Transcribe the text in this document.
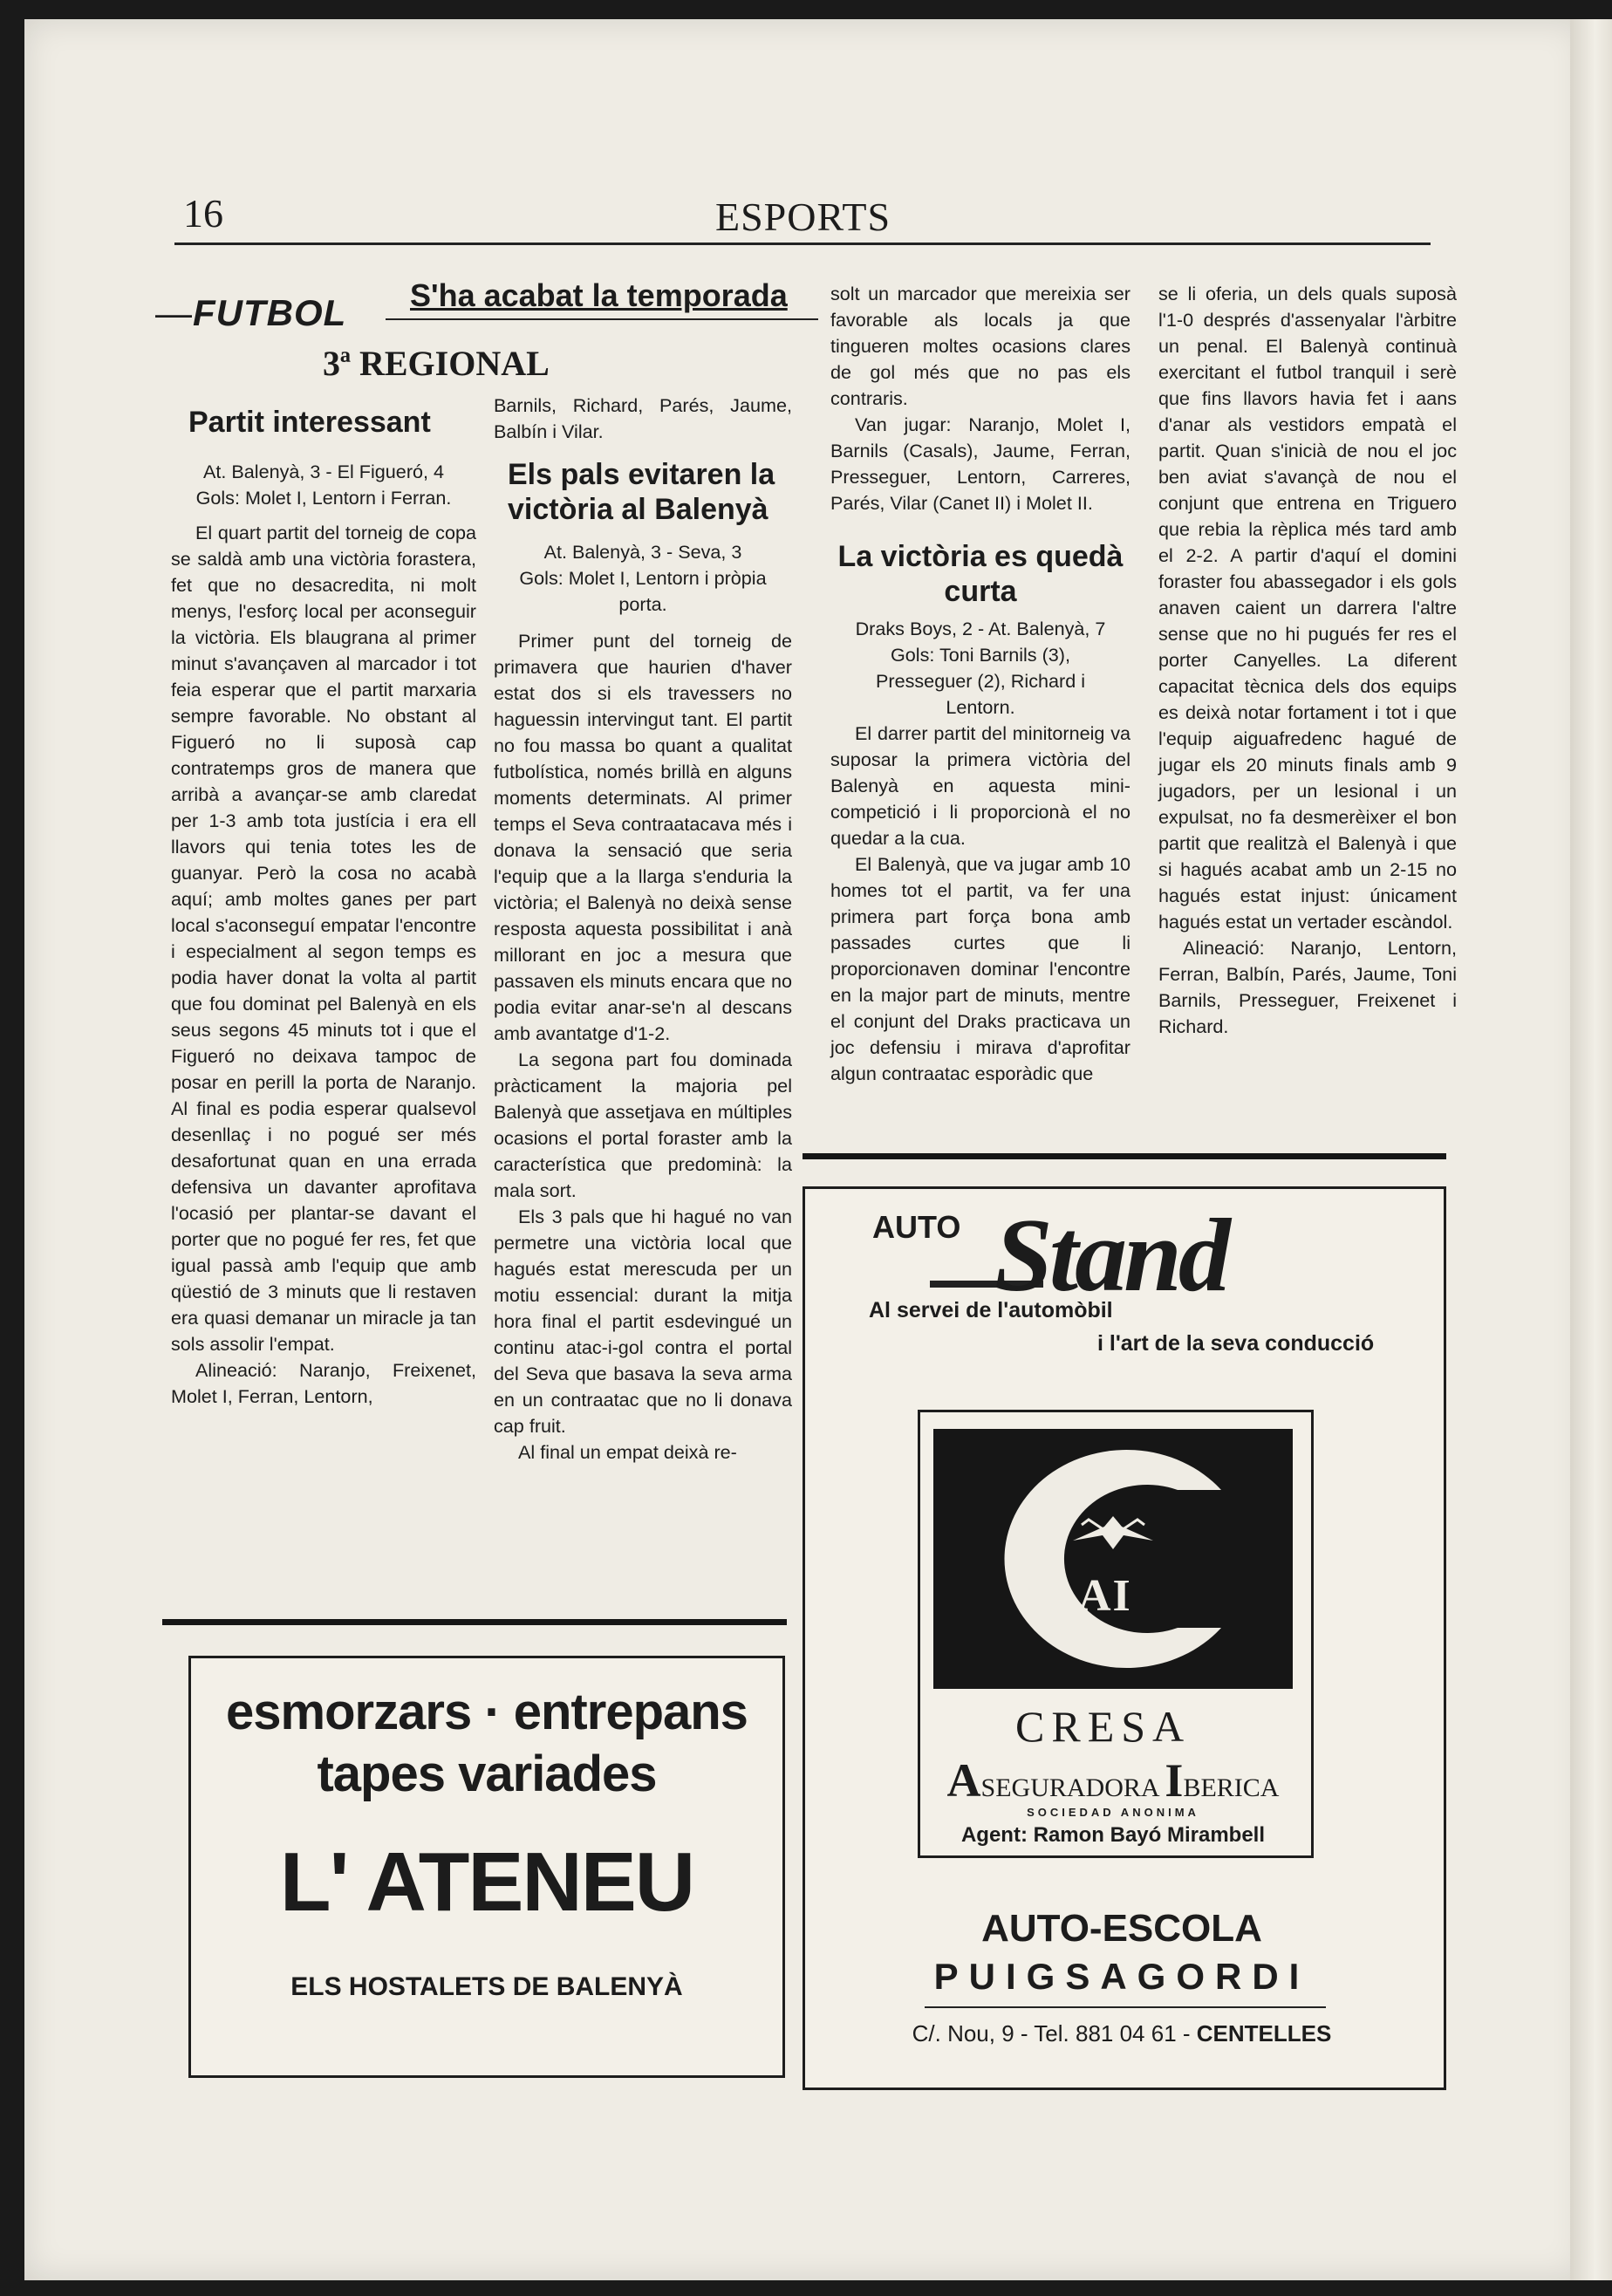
16	ESPORTS
—FUTBOL S'ha acabat la temporada
3ª REGIONAL
Partit interessant
At. Balenyà, 3 - El Figueró, 4
Gols: Molet I, Lentorn i Ferran.
El quart partit del torneig de copa se saldà amb una victòria forastera, fet que no desacredita, ni molt menys, l'esforç local per aconseguir la victòria. Els blaugrana al primer minut s'avançaven al marcador i tot feia esperar que el partit marxaria sempre favorable. No obstant al Figueró no li suposà cap contratemps gros de manera que arribà a avançar-se amb claredat per 1-3 amb tota justícia i era ell llavors qui tenia totes les de guanyar. Però la cosa no acabà aquí; amb moltes ganes per part local s'aconseguí empatar l'encontre i especialment al segon temps es podia haver donat la volta al partit que fou dominat pel Balenyà en els seus segons 45 minuts tot i que el Figueró no deixava tampoc de posar en perill la porta de Naranjo. Al final es podia esperar qualsevol desenllaç i no pogué ser més desafortunat quan en una errada defensiva un davanter aprofitava l'ocasió per plantar-se davant el porter que no pogué fer res, fet que igual passà amb l'equip que amb qüestió de 3 minuts que li restaven era quasi demanar un miracle ja tan sols assolir l'empat.
Alineació: Naranjo, Freixenet, Molet I, Ferran, Lentorn,
Barnils, Richard, Parés, Jaume, Balbín i Vilar.
Els pals evitaren la victòria al Balenyà
At. Balenyà, 3 - Seva, 3
Gols: Molet I, Lentorn i pròpia porta.
Primer punt del torneig de primavera que haurien d'haver estat dos si els travessers no haguessin intervingut tant. El partit no fou massa bo quant a qualitat futbolística, només brillà en alguns moments determinats. Al primer temps el Seva contraatacava més i donava la sensació que seria l'equip que a la llarga s'enduria la victòria; el Balenyà no deixà sense resposta aquesta possibilitat i anà millorant en joc a mesura que passaven els minuts encara que no podia evitar anar-se'n al descans amb avantatge d'1-2.
La segona part fou dominada pràcticament la majoria pel Balenyà que assetjava en múltiples ocasions el portal foraster amb la característica que predominà: la mala sort.
Els 3 pals que hi hagué no van permetre una victòria local que hagués estat merescuda per un motiu essencial: durant la mitja hora final el partit esdevingué un continu atac-i-gol contra el portal del Seva que basava la seva arma en un contraatac que no li donava cap fruit.
Al final un empat deixà re-
solt un marcador que mereixia ser favorable als locals ja que tingueren moltes ocasions clares de gol més que no pas els contraris.
Van jugar: Naranjo, Molet I, Barnils (Casals), Jaume, Ferran, Presseguer, Lentorn, Carreres, Parés, Vilar (Canet II) i Molet II.
La victòria es quedà curta
Draks Boys, 2 - At. Balenyà, 7
Gols: Toni Barnils (3), Presseguer (2), Richard i Lentorn.
El darrer partit del minitorneig va suposar la primera victòria del Balenyà en aquesta mini-competició i li proporcionà el no quedar a la cua.
El Balenyà, que va jugar amb 10 homes tot el partit, va fer una primera part força bona amb passades curtes que li proporcionaven dominar l'encontre en la major part de minuts, mentre el conjunt del Draks practicava un joc defensiu i mirava d'aprofitar algun contraatac esporàdic que
se li oferia, un dels quals suposà l'1-0 després d'assenyalar l'àrbitre un penal. El Balenyà continuà exercitant el futbol tranquil i serè que fins llavors havia fet i aans d'anar als vestidors empatà el partit. Quan s'inicià de nou el joc ben aviat s'avançà de nou el conjunt que entrena en Triguero que rebia la rèplica més tard amb el 2-2. A partir d'aquí el domini foraster fou abassegador i els gols anaven caient un darrera l'altre sense que no hi pugués fer res el porter Canyelles. La diferent capacitat tècnica dels dos equips es deixà notar fortament i tot i que l'equip aiguafredenc hagué de jugar els 20 minuts finals amb 9 jugadors, per un lesional i un expulsat, no fa desmerèixer el bon partit que realitzà el Balenyà i que si hagués acabat amb un 2-15 no hagués estat injust: únicament hagués estat un vertader escàndol.
Alineació: Naranjo, Lentorn, Ferran, Balbín, Parés, Jaume, Toni Barnils, Presseguer, Freixenet i Richard.
esmorzars · entrepans
tapes variades
L' ATENEU
ELS HOSTALETS DE BALENYÀ
AUTO Stand
Al servei de l'automòbil
i l'art de la seva conducció
AI
CRESA
ASEGURADORA IBERICA
SOCIEDAD ANONIMA
Agent: Ramon Bayó Mirambell
AUTO-ESCOLA
PUIGSAGORDI
C/. Nou, 9 - Tel. 881 04 61 - CENTELLES
